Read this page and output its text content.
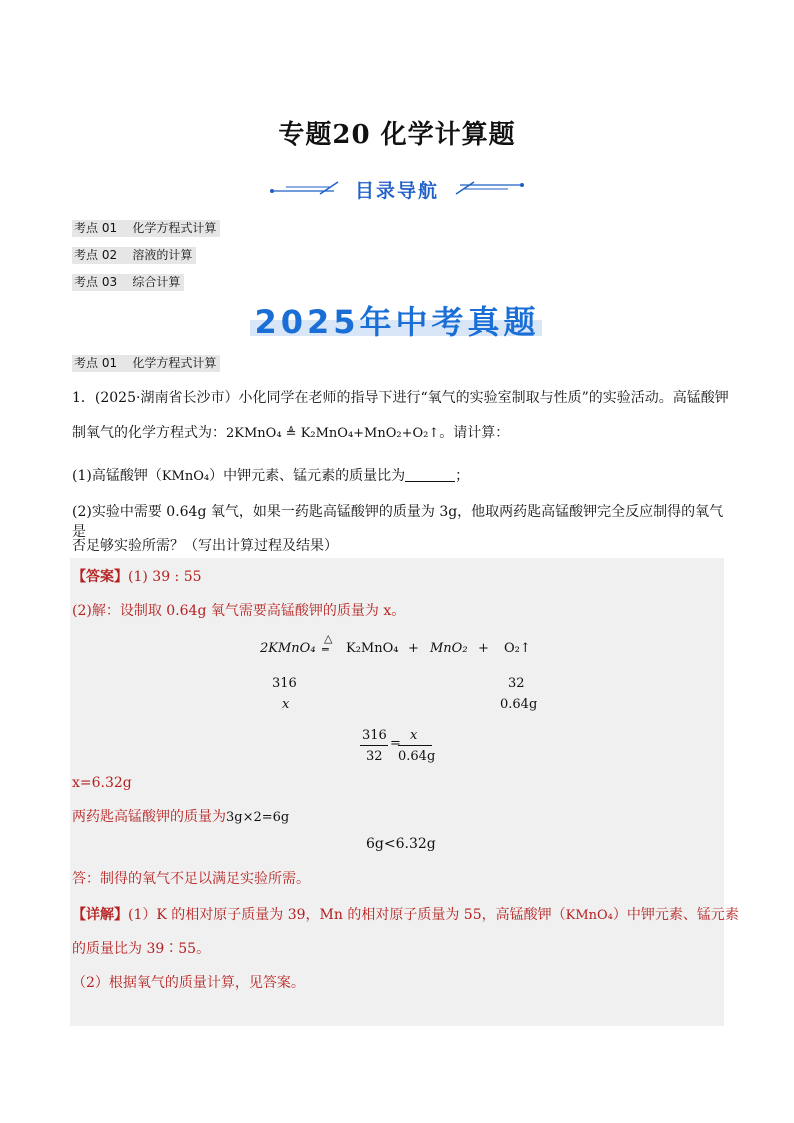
专题20 化学计算题
目录导航
考点 01 化学方程式计算
考点 02 溶液的计算
考点 03 综合计算
2025年中考真题
考点 01 化学方程式计算
1．(2025·湖南省长沙市）小化同学在老师的指导下进行“氧气的实验室制取与性质”的实验活动。高锰酸钾
制氧气的化学方程式为：2KMnO₄ ≜ K₂MnO₄+MnO₂+O₂↑。请计算：
(1)高锰酸钾（KMnO₄）中钾元素、锰元素的质量比为	；
(2)实验中需要 0.64g 氧气，如果一药匙高锰酸钾的质量为 3g，他取两药匙高锰酸钾完全反应制得的氧气是
否足够实验所需？（写出计算过程及结果）
【答案】(1) 39 : 55
(2)解：设制取 0.64g 氧气需要高锰酸钾的质量为 x。
2KMnO₄
△
═ K₂MnO₄ + MnO₂ + O₂↑
316	32
x	0.64g
316
32
=
x
0.64g
x=6.32g
两药匙高锰酸钾的质量为3g×2=6g
6g<6.32g
答：制得的氧气不足以满足实验所需。
【详解】(1）K 的相对原子质量为 39，Mn 的相对原子质量为 55，高锰酸钾（KMnO₄）中钾元素、锰元素
的质量比为 39∶55。
（2）根据氧气的质量计算，见答案。
